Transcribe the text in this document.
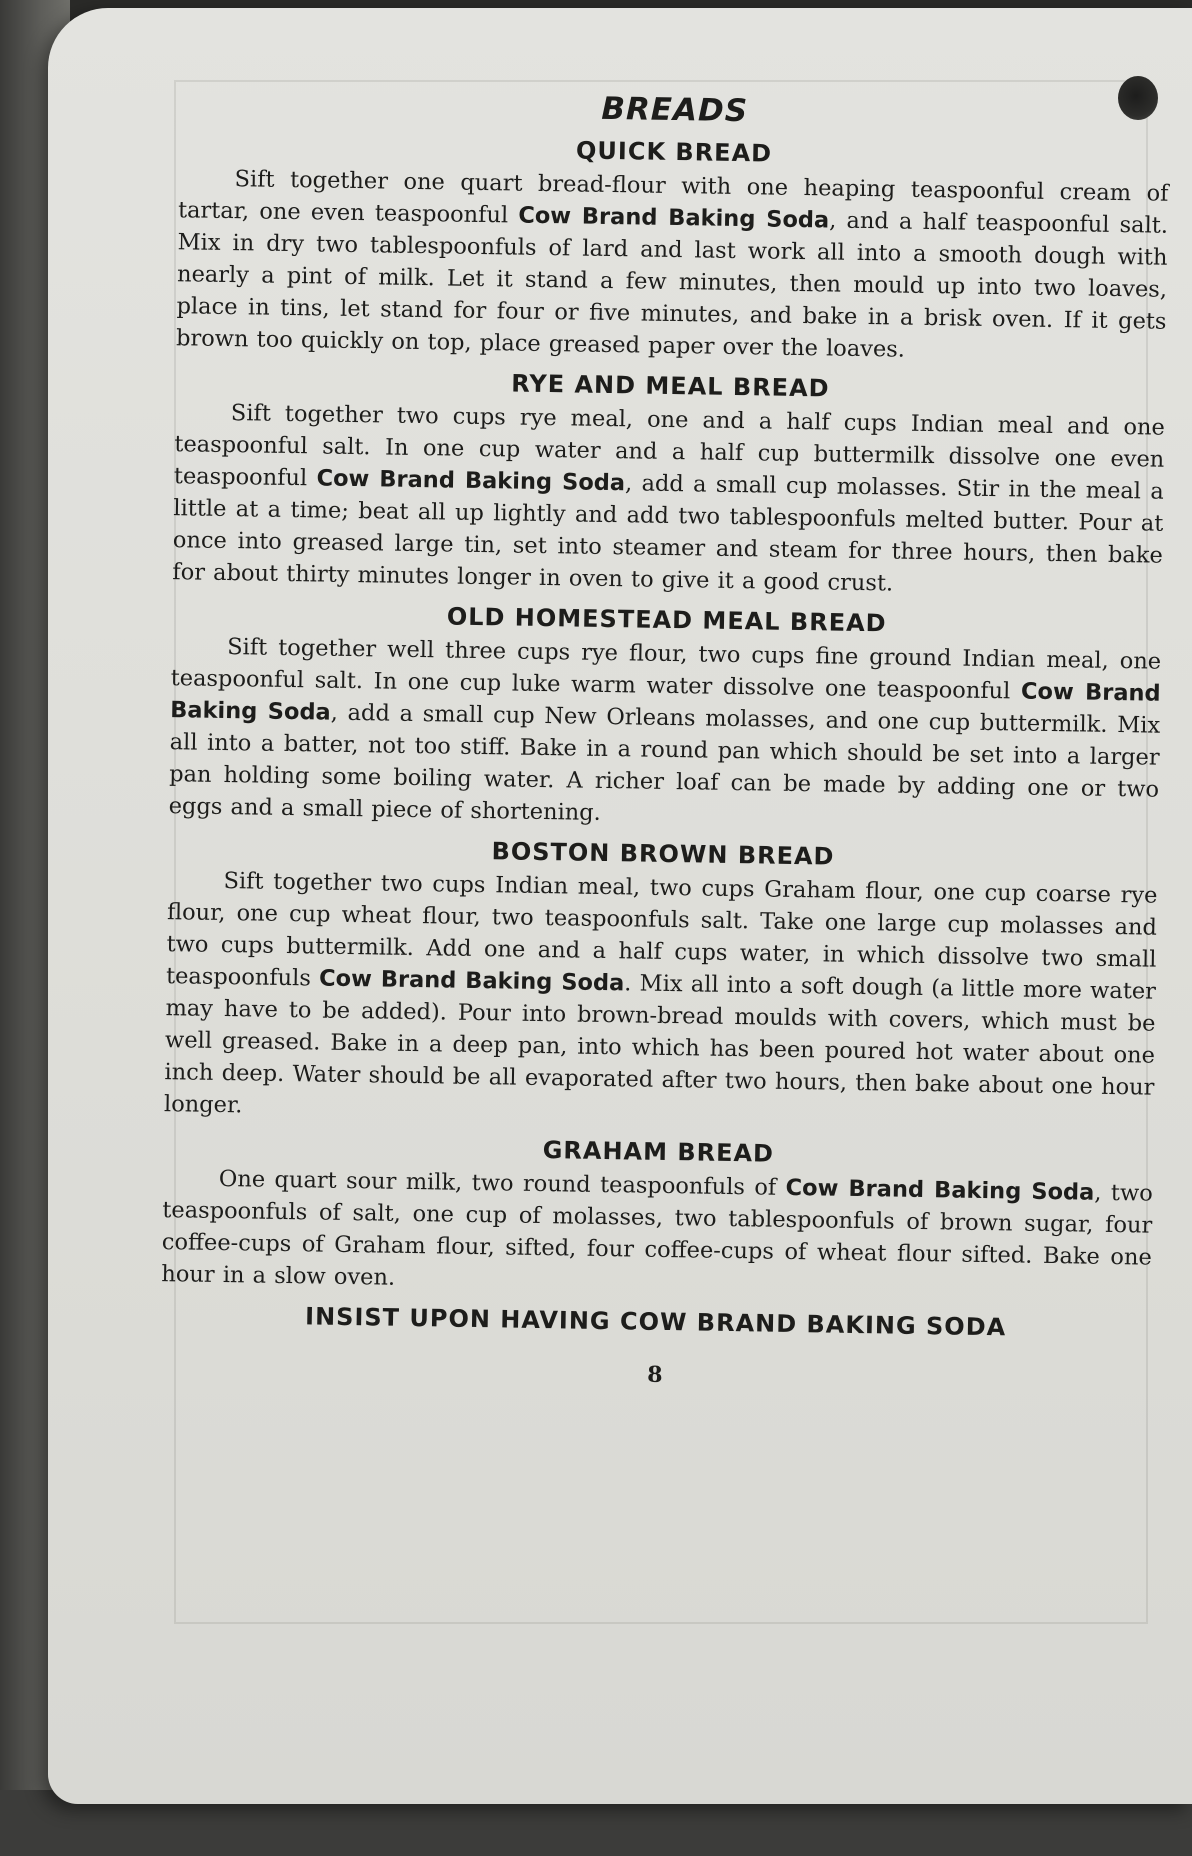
BREADS
QUICK BREAD

Sift together one quart bread-flour with one heaping teaspoonful cream of tartar, one even teaspoonful Cow Brand Baking Soda, and a half teaspoonful salt. Mix in dry two tablespoonfuls of lard and last work all into a smooth dough with nearly a pint of milk. Let it stand a few minutes, then mould up into two loaves, place in tins, let stand for four or five minutes, and bake in a brisk oven. If it gets brown too quickly on top, place greased paper over the loaves.

RYE AND MEAL BREAD

Sift together two cups rye meal, one and a half cups Indian meal and one teaspoonful salt. In one cup water and a half cup buttermilk dissolve one even teaspoonful Cow Brand Baking Soda, add a small cup molasses. Stir in the meal a little at a time; beat all up lightly and add two tablespoonfuls melted butter. Pour at once into greased large tin, set into steamer and steam for three hours, then bake for about thirty minutes longer in oven to give it a good crust.

OLD HOMESTEAD MEAL BREAD

Sift together well three cups rye flour, two cups fine ground Indian meal, one teaspoonful salt. In one cup luke warm water dissolve one teaspoonful Cow Brand Baking Soda, add a small cup New Orleans molasses, and one cup buttermilk. Mix all into a batter, not too stiff. Bake in a round pan which should be set into a larger pan holding some boiling water. A richer loaf can be made by adding one or two eggs and a small piece of shortening.

BOSTON BROWN BREAD

Sift together two cups Indian meal, two cups Graham flour, one cup coarse rye flour, one cup wheat flour, two teaspoonfuls salt. Take one large cup molasses and two cups buttermilk. Add one and a half cups water, in which dissolve two small teaspoonfuls Cow Brand Baking Soda. Mix all into a soft dough (a little more water may have to be added). Pour into brown-bread moulds with covers, which must be well greased. Bake in a deep pan, into which has been poured hot water about one inch deep. Water should be all evaporated after two hours, then bake about one hour longer.

GRAHAM BREAD

One quart sour milk, two round teaspoonfuls of Cow Brand Baking Soda, two teaspoonfuls of salt, one cup of molasses, two tablespoonfuls of brown sugar, four coffee-cups of Graham flour, sifted, four coffee-cups of wheat flour sifted. Bake one hour in a slow oven.

INSIST UPON HAVING COW BRAND BAKING SODA
8
